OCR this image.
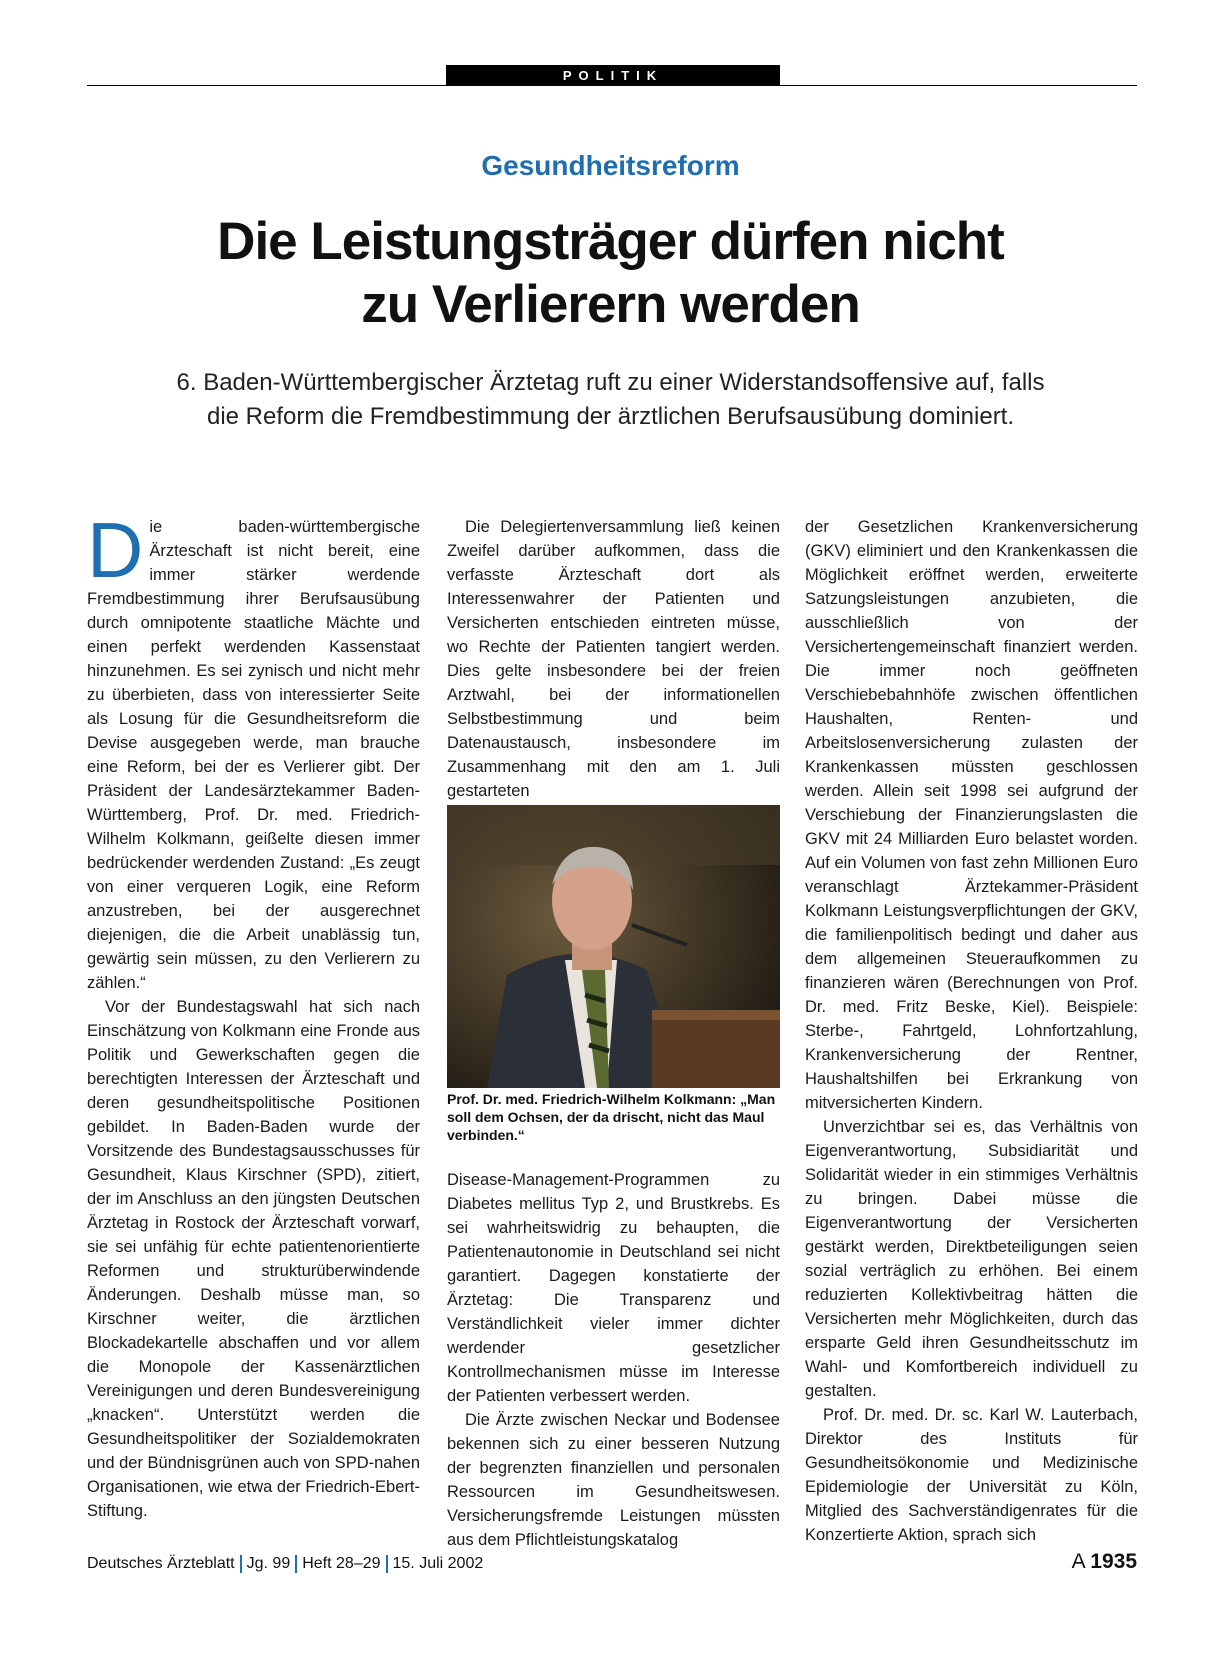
POLITIK
Gesundheitsreform
Die Leistungsträger dürfen nicht
zu Verlierern werden
6. Baden-Württembergischer Ärztetag ruft zu einer Widerstandsoffensive auf, falls die Reform die Fremdbestimmung der ärztlichen Berufsausübung dominiert.

Die baden-württembergische Ärzteschaft ist nicht bereit, eine immer stärker werdende Fremdbestimmung ihrer Berufsausübung durch omnipotente staatliche Mächte und einen perfekt werdenden Kassenstaat hinzunehmen. Es sei zynisch und nicht mehr zu überbieten, dass von interessierter Seite als Losung für die Gesundheitsreform die Devise ausgegeben werde, man brauche eine Reform, bei der es Verlierer gibt. Der Präsident der Landesärztekammer Baden-Württemberg, Prof. Dr. med. Friedrich-Wilhelm Kolkmann, geißelte diesen immer bedrückender werdenden Zustand: „Es zeugt von einer verqueren Logik, eine Reform anzustreben, bei der ausgerechnet diejenigen, die die Arbeit unablässig tun, gewärtig sein müssen, zu den Verlierern zu zählen.“

Vor der Bundestagswahl hat sich nach Einschätzung von Kolkmann eine Fronde aus Politik und Gewerkschaften gegen die berechtigten Interessen der Ärzteschaft und deren gesundheitspolitische Positionen gebildet. In Baden-Baden wurde der Vorsitzende des Bundestagsausschusses für Gesundheit, Klaus Kirschner (SPD), zitiert, der im Anschluss an den jüngsten Deutschen Ärztetag in Rostock der Ärzteschaft vorwarf, sie sei unfähig für echte patientenorientierte Reformen und strukturüberwindende Änderungen. Deshalb müsse man, so Kirschner weiter, die ärztlichen Blockadekartelle abschaffen und vor allem die Monopole der Kassenärztlichen Vereinigungen und deren Bundesvereinigung „knacken“. Unterstützt werden die Gesundheitspolitiker der Sozialdemokraten und der Bündnisgrünen auch von SPD-nahen Organisationen, wie etwa der Friedrich-Ebert-Stiftung.

Die Delegiertenversammlung ließ keinen Zweifel darüber aufkommen, dass die verfasste Ärzteschaft dort als Interessenwahrer der Patienten und Versicherten entschieden eintreten müsse, wo Rechte der Patienten tangiert werden. Dies gelte insbesondere bei der freien Arztwahl, bei der informationellen Selbstbestimmung und beim Datenaustausch, insbesondere im Zusammenhang mit den am 1. Juli gestarteten

Prof. Dr. med. Friedrich-Wilhelm Kolkmann: „Man soll dem Ochsen, der da drischt, nicht das Maul verbinden.“

Disease-Management-Programmen zu Diabetes mellitus Typ 2, und Brustkrebs. Es sei wahrheitswidrig zu behaupten, die Patientenautonomie in Deutschland sei nicht garantiert. Dagegen konstatierte der Ärztetag: Die Transparenz und Verständlichkeit vieler immer dichter werdender gesetzlicher Kontrollmechanismen müsse im Interesse der Patienten verbessert werden.

Die Ärzte zwischen Neckar und Bodensee bekennen sich zu einer besseren Nutzung der begrenzten finanziellen und personalen Ressourcen im Gesundheitswesen. Versicherungsfremde Leistungen müssten aus dem Pflichtleistungskatalog

der Gesetzlichen Krankenversicherung (GKV) eliminiert und den Krankenkassen die Möglichkeit eröffnet werden, erweiterte Satzungsleistungen anzubieten, die ausschließlich von der Versichertengemeinschaft finanziert werden. Die immer noch geöffneten Verschiebebahnhöfe zwischen öffentlichen Haushalten, Renten- und Arbeitslosenversicherung zulasten der Krankenkassen müssten geschlossen werden. Allein seit 1998 sei aufgrund der Verschiebung der Finanzierungslasten die GKV mit 24 Milliarden Euro belastet worden. Auf ein Volumen von fast zehn Millionen Euro veranschlagt Ärztekammer-Präsident Kolkmann Leistungsverpflichtungen der GKV, die familienpolitisch bedingt und daher aus dem allgemeinen Steueraufkommen zu finanzieren wären (Berechnungen von Prof. Dr. med. Fritz Beske, Kiel). Beispiele: Sterbe-, Fahrtgeld, Lohnfortzahlung, Krankenversicherung der Rentner, Haushaltshilfen bei Erkrankung von mitversicherten Kindern.

Unverzichtbar sei es, das Verhältnis von Eigenverantwortung, Subsidiarität und Solidarität wieder in ein stimmiges Verhältnis zu bringen. Dabei müsse die Eigenverantwortung der Versicherten gestärkt werden, Direktbeteiligungen seien sozial verträglich zu erhöhen. Bei einem reduzierten Kollektivbeitrag hätten die Versicherten mehr Möglichkeiten, durch das ersparte Geld ihren Gesundheitsschutz im Wahl- und Komfortbereich individuell zu gestalten.

Prof. Dr. med. Dr. sc. Karl W. Lauterbach, Direktor des Instituts für Gesundheitsökonomie und Medizinische Epidemiologie der Universität zu Köln, Mitglied des Sachverständigenrates für die Konzertierte Aktion, sprach sich

Deutsches Ärzteblatt Jg. 99 Heft 28–29 15. Juli 2002	A 1935
